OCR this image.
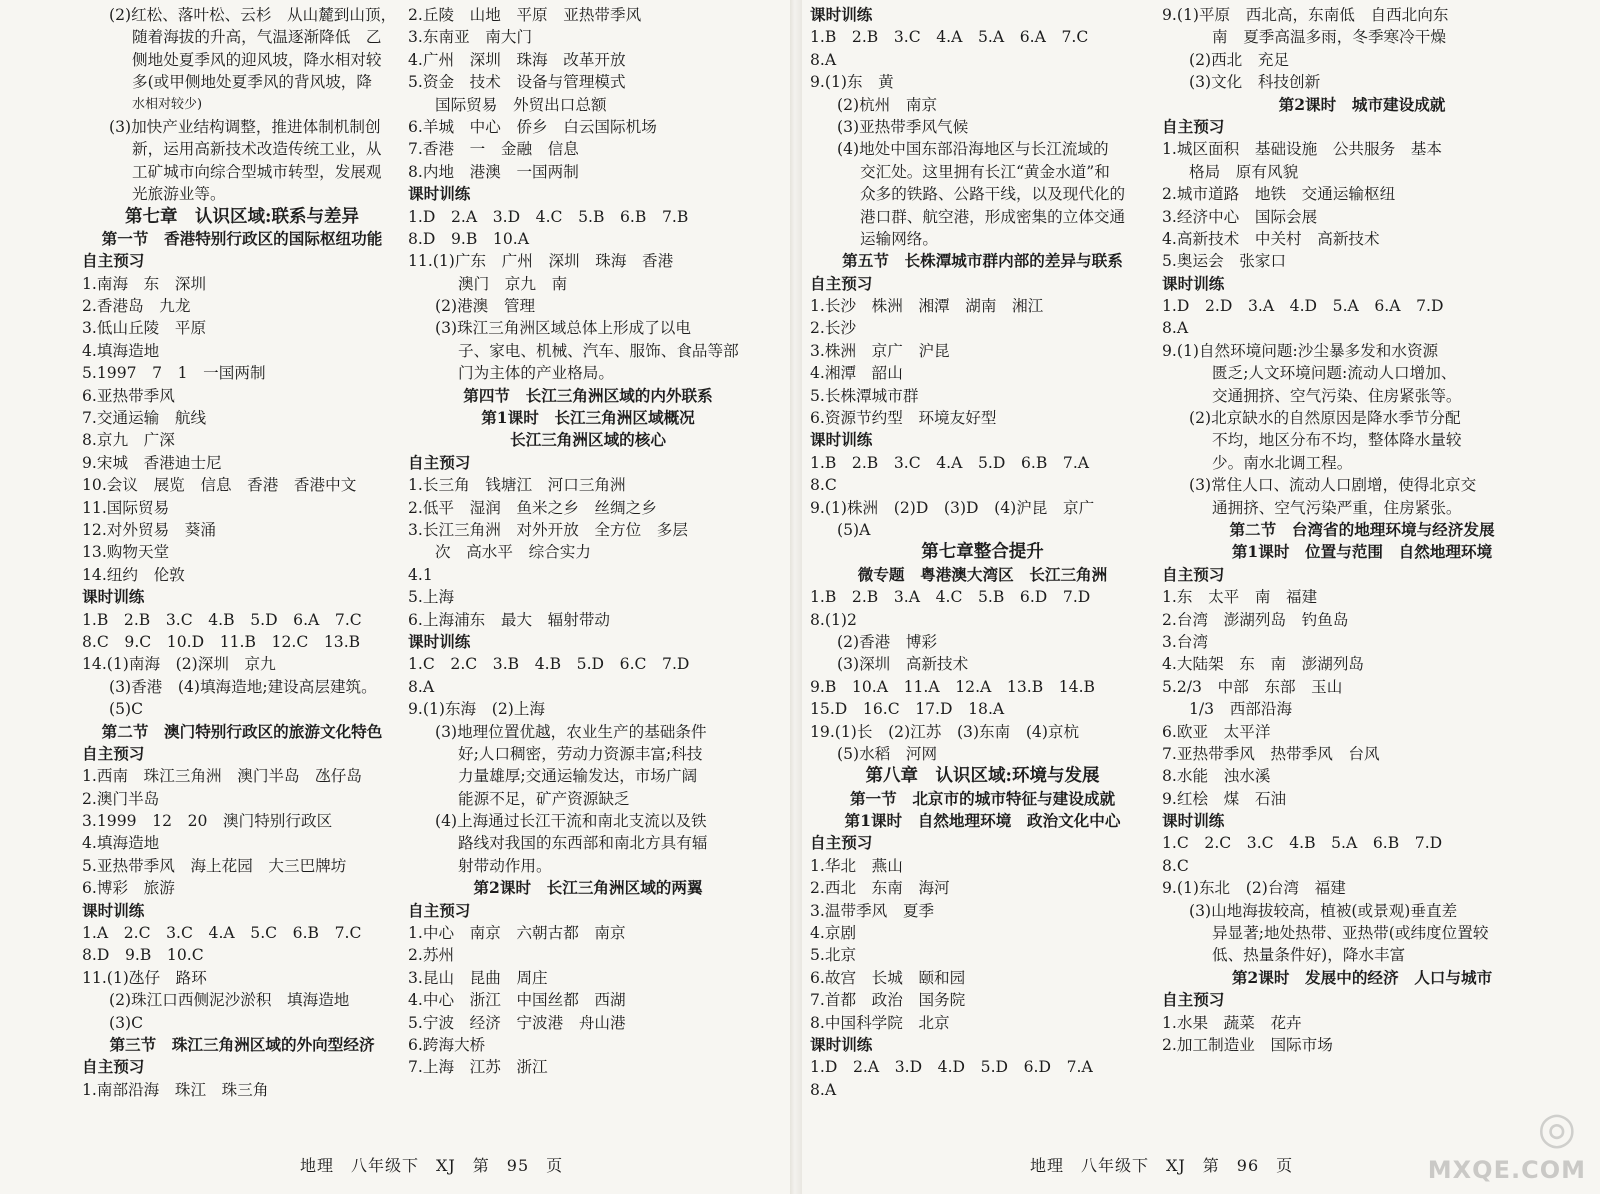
(2)红松、落叶松、云杉　从山麓到山顶，
随着海拔的升高，气温逐渐降低　乙
侧地处夏季风的迎风坡，降水相对较
多(或甲侧地处夏季风的背风坡，降
水相对较少)
(3)加快产业结构调整，推进体制机制创
新，运用高新技术改造传统工业，从
工矿城市向综合型城市转型，发展观
光旅游业等。
第七章　认识区域:联系与差异
第一节　香港特别行政区的国际枢纽功能
自主预习
1.南海　东　深圳
2.香港岛　九龙
3.低山丘陵　平原
4.填海造地
5.1997　7　1　一国两制
6.亚热带季风
7.交通运输　航线
8.京九　广深
9.宋城　香港迪士尼
10.会议　展览　信息　香港　香港中文
11.国际贸易
12.对外贸易　葵涌
13.购物天堂
14.纽约　伦敦
课时训练
1.B　2.B　3.C　4.B　5.D　6.A　7.C
8.C　9.C　10.D　11.B　12.C　13.B
14.(1)南海　(2)深圳　京九
(3)香港　(4)填海造地;建设高层建筑。
(5)C
第二节　澳门特别行政区的旅游文化特色
自主预习
1.西南　珠江三角洲　澳门半岛　氹仔岛
2.澳门半岛
3.1999　12　20　澳门特别行政区
4.填海造地
5.亚热带季风　海上花园　大三巴牌坊
6.博彩　旅游
课时训练
1.A　2.C　3.C　4.A　5.C　6.B　7.C
8.D　9.B　10.C
11.(1)氹仔　路环
(2)珠江口西侧泥沙淤积　填海造地
(3)C
第三节　珠江三角洲区域的外向型经济
自主预习
1.南部沿海　珠江　珠三角
2.丘陵　山地　平原　亚热带季风
3.东南亚　南大门
4.广州　深圳　珠海　改革开放
5.资金　技术　设备与管理模式
国际贸易　外贸出口总额
6.羊城　中心　侨乡　白云国际机场
7.香港　一　金融　信息
8.内地　港澳　一国两制
课时训练
1.D　2.A　3.D　4.C　5.B　6.B　7.B
8.D　9.B　10.A
11.(1)广东　广州　深圳　珠海　香港
澳门　京九　南
(2)港澳　管理
(3)珠江三角洲区域总体上形成了以电
子、家电、机械、汽车、服饰、食品等部
门为主体的产业格局。
第四节　长江三角洲区域的内外联系
第1课时　长江三角洲区域概况
长江三角洲区域的核心
自主预习
1.长三角　钱塘江　河口三角洲
2.低平　湿润　鱼米之乡　丝绸之乡
3.长江三角洲　对外开放　全方位　多层
次　高水平　综合实力
4.1
5.上海
6.上海浦东　最大　辐射带动
课时训练
1.C　2.C　3.B　4.B　5.D　6.C　7.D
8.A
9.(1)东海　(2)上海
(3)地理位置优越，农业生产的基础条件
好;人口稠密，劳动力资源丰富;科技
力量雄厚;交通运输发达，市场广阔
能源不足，矿产资源缺乏
(4)上海通过长江干流和南北支流以及铁
路线对我国的东西部和南北方具有辐
射带动作用。
第2课时　长江三角洲区域的两翼
自主预习
1.中心　南京　六朝古都　南京
2.苏州
3.昆山　昆曲　周庄
4.中心　浙江　中国丝都　西湖
5.宁波　经济　宁波港　舟山港
6.跨海大桥
7.上海　江苏　浙江
地理　八年级下　XJ　第　95　页
课时训练
1.B　2.B　3.C　4.A　5.A　6.A　7.C
8.A
9.(1)东　黄
(2)杭州　南京
(3)亚热带季风气候
(4)地处中国东部沿海地区与长江流域的
交汇处。这里拥有长江“黄金水道”和
众多的铁路、公路干线，以及现代化的
港口群、航空港，形成密集的立体交通
运输网络。
第五节　长株潭城市群内部的差异与联系
自主预习
1.长沙　株洲　湘潭　湖南　湘江
2.长沙
3.株洲　京广　沪昆
4.湘潭　韶山
5.长株潭城市群
6.资源节约型　环境友好型
课时训练
1.B　2.B　3.C　4.A　5.D　6.B　7.A
8.C
9.(1)株洲　(2)D　(3)D　(4)沪昆　京广
(5)A
第七章整合提升
微专题　粤港澳大湾区　长江三角洲
1.B　2.B　3.A　4.C　5.B　6.D　7.D
8.(1)2
(2)香港　博彩
(3)深圳　高新技术
9.B　10.A　11.A　12.A　13.B　14.B
15.D　16.C　17.D　18.A
19.(1)长　(2)江苏　(3)东南　(4)京杭
(5)水稻　河网
第八章　认识区域:环境与发展
第一节　北京市的城市特征与建设成就
第1课时　自然地理环境　政治文化中心
自主预习
1.华北　燕山
2.西北　东南　海河
3.温带季风　夏季
4.京剧
5.北京
6.故宫　长城　颐和园
7.首都　政治　国务院
8.中国科学院　北京
课时训练
1.D　2.A　3.D　4.D　5.D　6.D　7.A
8.A
9.(1)平原　西北高，东南低　自西北向东
南　夏季高温多雨，冬季寒冷干燥
(2)西北　充足
(3)文化　科技创新
第2课时　城市建设成就
自主预习
1.城区面积　基础设施　公共服务　基本
格局　原有风貌
2.城市道路　地铁　交通运输枢纽
3.经济中心　国际会展
4.高新技术　中关村　高新技术
5.奥运会　张家口
课时训练
1.D　2.D　3.A　4.D　5.A　6.A　7.D
8.A
9.(1)自然环境问题:沙尘暴多发和水资源
匮乏;人文环境问题:流动人口增加、
交通拥挤、空气污染、住房紧张等。
(2)北京缺水的自然原因是降水季节分配
不均，地区分布不均，整体降水量较
少。南水北调工程。
(3)常住人口、流动人口剧增，使得北京交
通拥挤、空气污染严重，住房紧张。
第二节　台湾省的地理环境与经济发展
第1课时　位置与范围　自然地理环境
自主预习
1.东　太平　南　福建
2.台湾　澎湖列岛　钓鱼岛
3.台湾
4.大陆架　东　南　澎湖列岛
5.2/3　中部　东部　玉山
1/3　西部沿海
6.欧亚　太平洋
7.亚热带季风　热带季风　台风
8.水能　浊水溪
9.红桧　煤　石油
课时训练
1.C　2.C　3.C　4.B　5.A　6.B　7.D
8.C
9.(1)东北　(2)台湾　福建
(3)山地海拔较高，植被(或景观)垂直差
异显著;地处热带、亚热带(或纬度位置较
低、热量条件好)，降水丰富
第2课时　发展中的经济　人口与城市
自主预习
1.水果　蔬菜　花卉
2.加工制造业　国际市场
地理　八年级下　XJ　第　96　页
◎
MXQE.COM
